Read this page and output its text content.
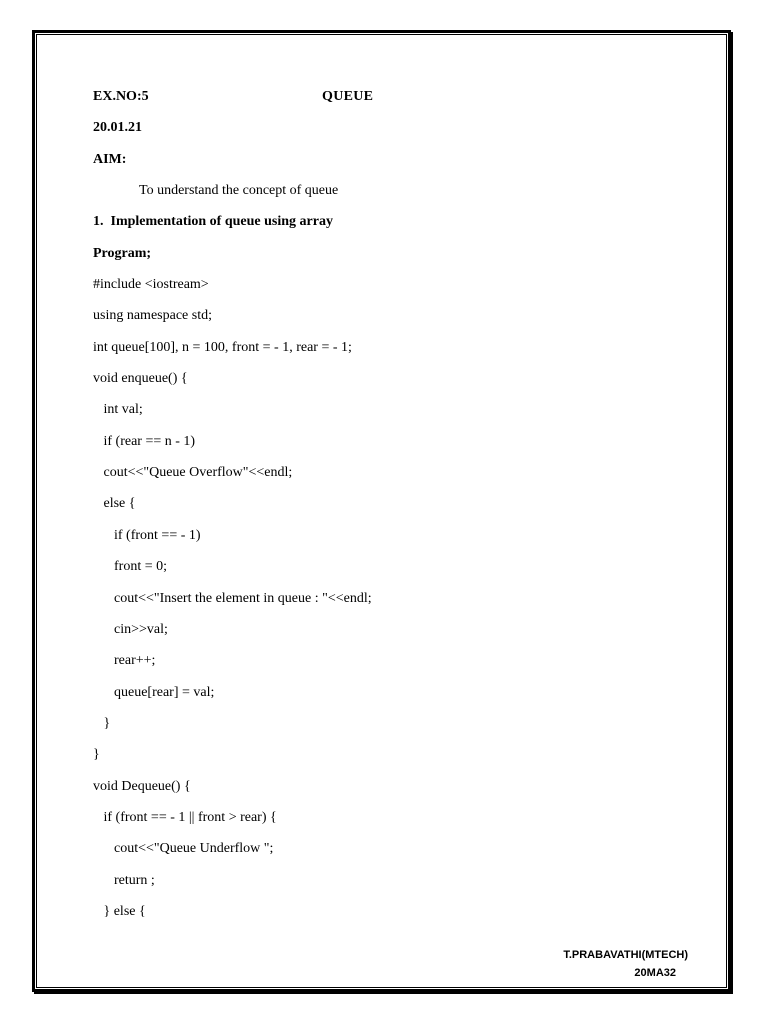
EX.NO:5	QUEUE
20.01.21
AIM:
To understand the concept of queue
1.  Implementation of queue using array
Program;
#include <iostream>
using namespace std;
int queue[100], n = 100, front = - 1, rear = - 1;
void enqueue() {
int val;
if (rear == n - 1)
cout<<"Queue Overflow"<<endl;
else {
if (front == - 1)
front = 0;
cout<<"Insert the element in queue : "<<endl;
cin>>val;
rear++;
queue[rear] = val;
}
}
void Dequeue() {
if (front == - 1 || front > rear) {
cout<<"Queue Underflow ";
return ;
} else {
T.PRABAVATHI(MTECH)
20MA32
